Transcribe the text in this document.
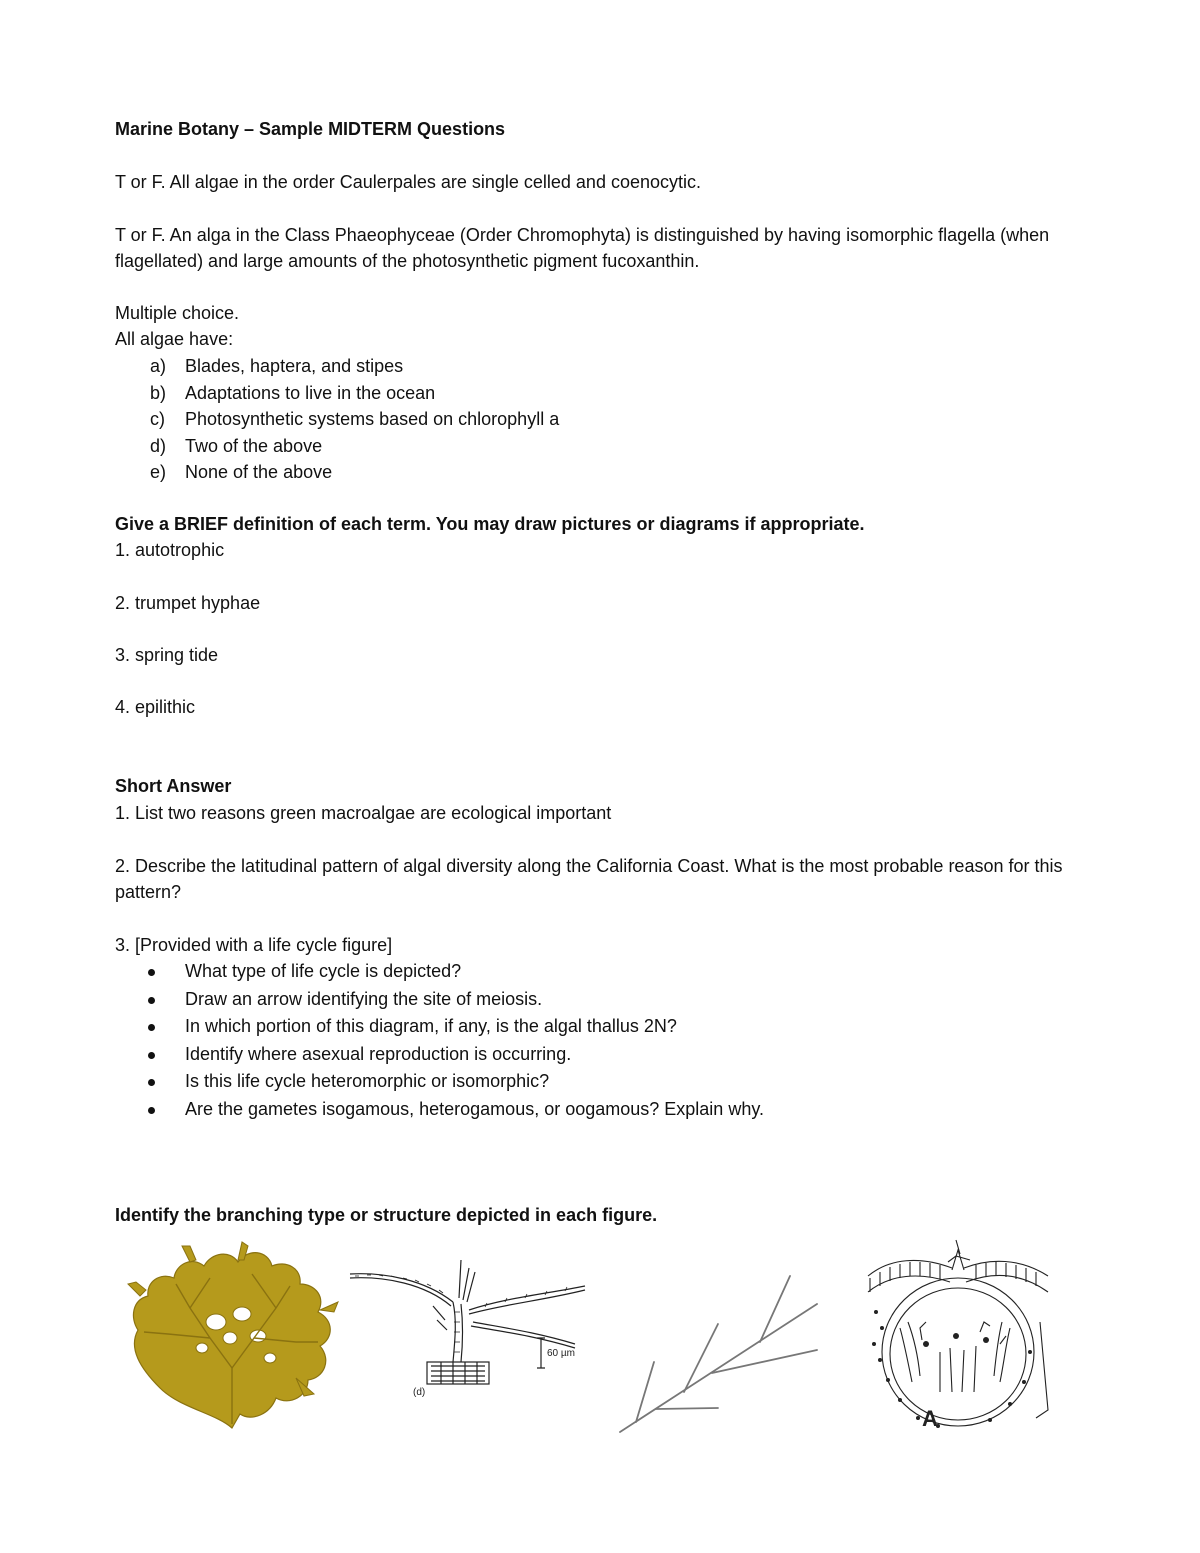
Marine Botany – Sample MIDTERM Questions
T or F. All algae in the order Caulerpales are single celled and coenocytic.
T or F. An alga in the Class Phaeophyceae (Order Chromophyta) is distinguished by having isomorphic flagella (when flagellated) and large amounts of the photosynthetic pigment fucoxanthin.
Multiple choice.
All algae have:
a) Blades, haptera, and stipes
b) Adaptations to live in the ocean
c) Photosynthetic systems based on chlorophyll a
d) Two of the above
e) None of the above
Give a BRIEF definition of each term. You may draw pictures or diagrams if appropriate.
1. autotrophic
2. trumpet hyphae
3. spring tide
4. epilithic
Short Answer
1. List two reasons green macroalgae are ecological important
2. Describe the latitudinal pattern of algal diversity along the California Coast. What is the most probable reason for this pattern?
3. [Provided with a life cycle figure]
What type of life cycle is depicted?
Draw an arrow identifying the site of meiosis.
In which portion of this diagram, if any, is the algal thallus 2N?
Identify where asexual reproduction is occurring.
Is this life cycle heteromorphic or isomorphic?
Are the gametes isogamous, heterogamous, or oogamous? Explain why.
Identify the branching type or structure depicted in each figure.
60 µm
(d)
A
